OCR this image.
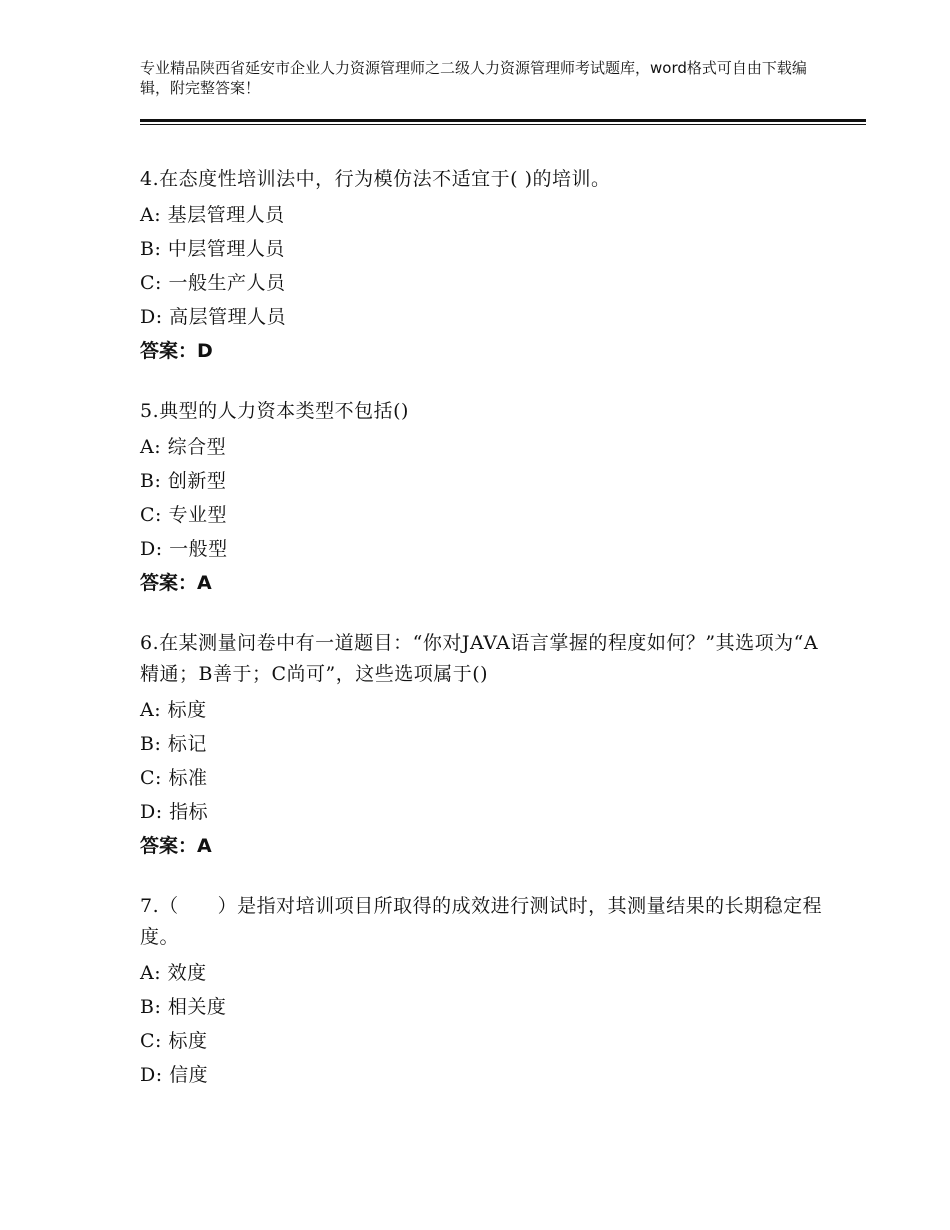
专业精品陕西省延安市企业人力资源管理师之二级人力资源管理师考试题库，word格式可自由下载编辑，附完整答案！
4.在态度性培训法中，行为模仿法不适宜于( )的培训。
A: 基层管理人员
B: 中层管理人员
C: 一般生产人员
D: 高层管理人员
答案：D
5.典型的人力资本类型不包括()
A: 综合型
B: 创新型
C: 专业型
D: 一般型
答案：A
6.在某测量问卷中有一道题目：“你对JAVA语言掌握的程度如何？”其选项为“A精通；B善于；C尚可”，这些选项属于()
A: 标度
B: 标记
C: 标准
D: 指标
答案：A
7.（　　）是指对培训项目所取得的成效进行测试时，其测量结果的长期稳定程度。
A: 效度
B: 相关度
C: 标度
D: 信度
